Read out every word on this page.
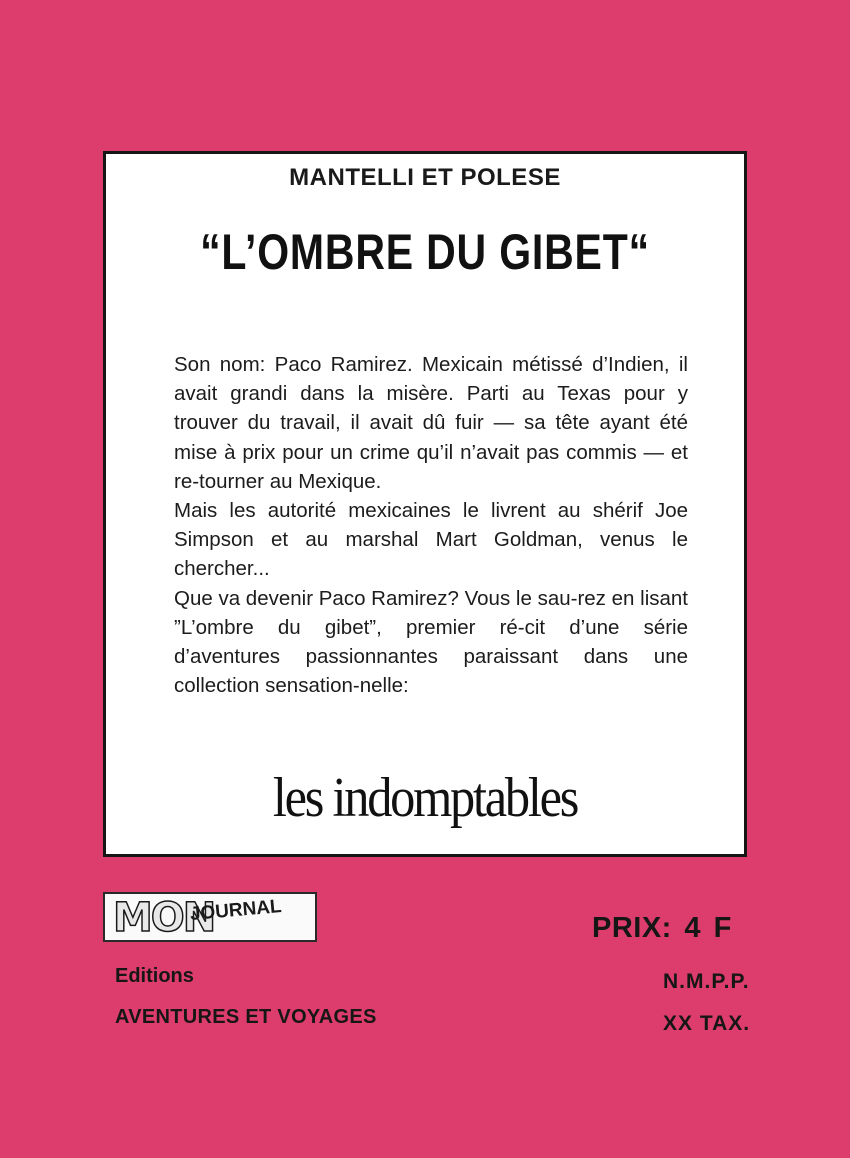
MANTELLI ET POLESE
“L’OMBRE DU GIBET“

Son nom: Paco Ramirez. Mexicain métissé d’Indien, il avait grandi dans la misère. Parti au Texas pour y trouver du travail, il avait dû fuir — sa tête ayant été mise à prix pour un crime qu’il n’avait pas commis — et re-tourner au Mexique.

Mais les autorité mexicaines le livrent au shérif Joe Simpson et au marshal Mart Goldman, venus le chercher...

Que va devenir Paco Ramirez? Vous le sau-rez en lisant ”L’ombre du gibet”, premier ré-cit d’une série d’aventures passionnantes paraissant dans une collection sensation-nelle:

les indomptables
MON
JOURNAL
Editions
AVENTURES ET VOYAGES
PRIX: 4 F
N.M.P.P.
XX TAX.
